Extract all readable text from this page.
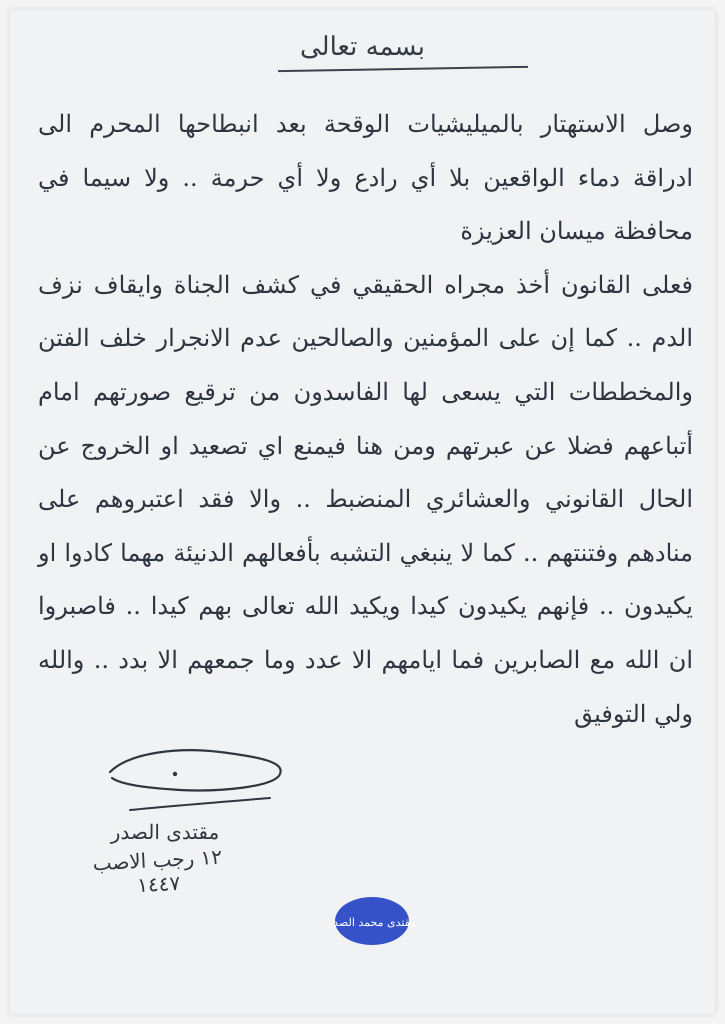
بسمه تعالى

وصل الاستهتار بالميليشيات الوقحة بعد انبطاحها المحرم الى ادراقة دماء الواقعين بلا أي رادع ولا أي حرمة .. ولا سيما في محافظة ميسان العزيزة

فعلى القانون أخذ مجراه الحقيقي في كشف الجناة وايقاف نزف الدم .. كما إن على المؤمنين والصالحين عدم الانجرار خلف الفتن والمخططات التي يسعى لها الفاسدون من ترقيع صورتهم امام أتباعهم فضلا عن عبرتهم ومن هنا فيمنع اي تصعيد او الخروج عن الحال القانوني والعشائري المنضبط .. والا فقد اعتبروهم على منادهم وفتنتهم .. كما لا ينبغي التشبه بأفعالهم الدنيئة مهما كادوا او يكيدون .. فإنهم يكيدون كيدا ويكيد الله تعالى بهم كيدا .. فاصبروا ان الله مع الصابرين فما ايامهم الا عدد وما جمعهم الا بدد .. والله ولي التوفيق

مقتدى الصدر
١٢ رجب الاصب ١٤٤٧
مقتدى محمد الصدر
